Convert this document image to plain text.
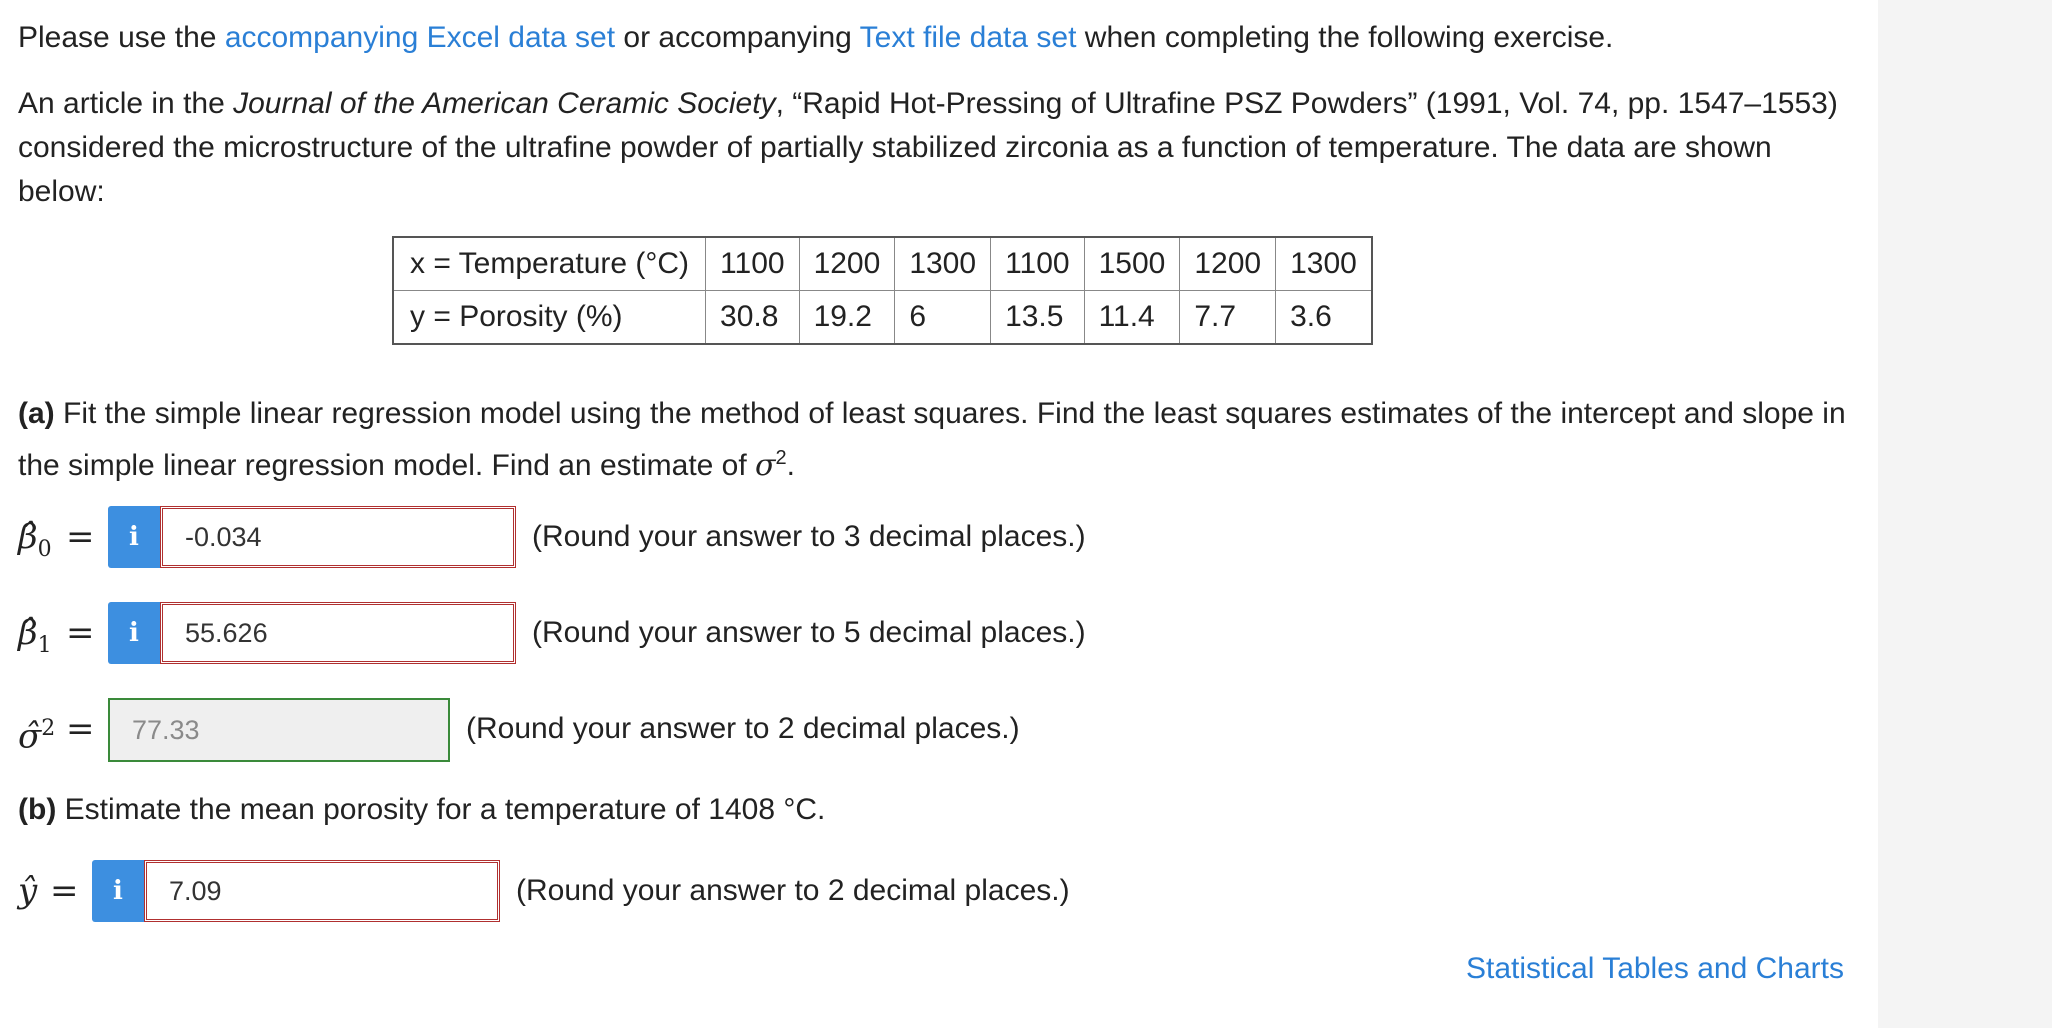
Please use the accompanying Excel data set or accompanying Text file data set when completing the following exercise.
An article in the Journal of the American Ceramic Society, “Rapid Hot-Pressing of Ultrafine PSZ Powders” (1991, Vol. 74, pp. 1547–1553) considered the microstructure of the ultrafine powder of partially stabilized zirconia as a function of temperature. The data are shown below:
x = Temperature (°C)	1100	1200	1300	1100	1500	1200	1300
y = Porosity (%)	30.8	19.2	6	13.5	11.4	7.7	3.6
(a) Fit the simple linear regression model using the method of least squares. Find the least squares estimates of the intercept and slope in the simple linear regression model. Find an estimate of $\sigma^2$.
$\betâ_0$ =	i
-0.034	(Round your answer to 3 decimal places.)
$\betâ_1$ =	i
55.626	(Round your answer to 5 decimal places.)
σ̂$^2$ =	77.33	(Round your answer to 2 decimal places.)
(b) Estimate the mean porosity for a temperature of 1408 °C.
ŷ =	i
7.09	(Round your answer to 2 decimal places.)
Statistical Tables and Charts
